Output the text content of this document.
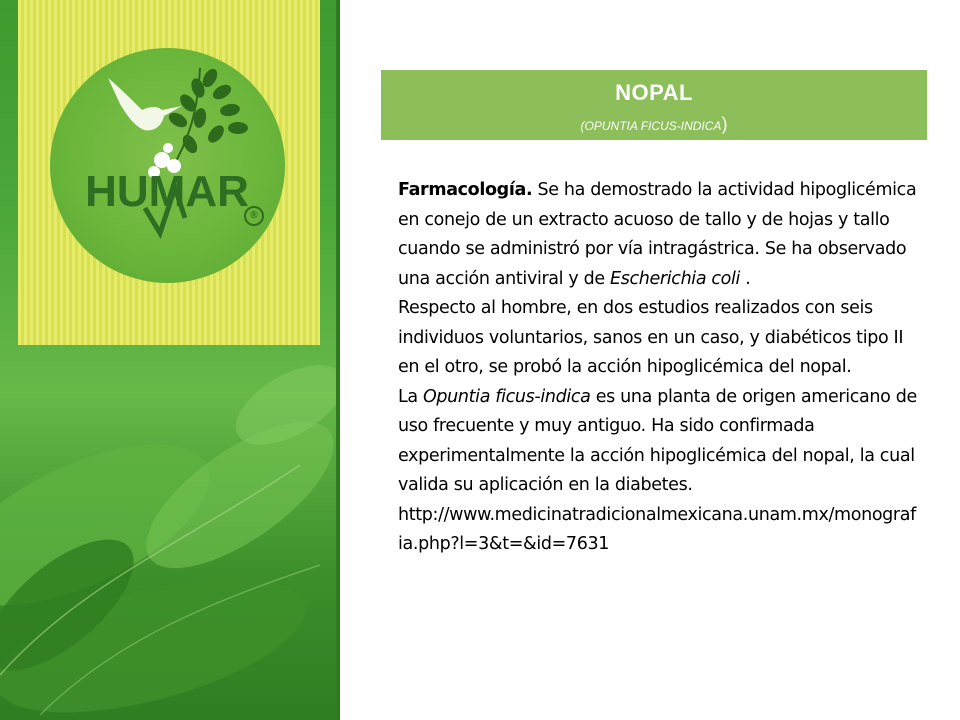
HUMAR ®
NOPAL
(OPUNTIA FICUS-INDICA)

Farmacología. Se ha demostrado la actividad hipoglicémica en conejo de un extracto acuoso de tallo y de hojas y tallo cuando se administró por vía intragástrica. Se ha observado una acción antiviral y de Escherichia coli .

Respecto al hombre, en dos estudios realizados con seis individuos voluntarios, sanos en un caso, y diabéticos tipo II en el otro, se probó la acción hipoglicémica del nopal.

La Opuntia ficus-indica es una planta de origen americano de uso frecuente y muy antiguo. Ha sido confirmada experimentalmente la acción hipoglicémica del nopal, la cual valida su aplicación en la diabetes.

http://www.medicinatradicionalmexicana.unam.mx/monografia.php?l=3&t=&id=7631
